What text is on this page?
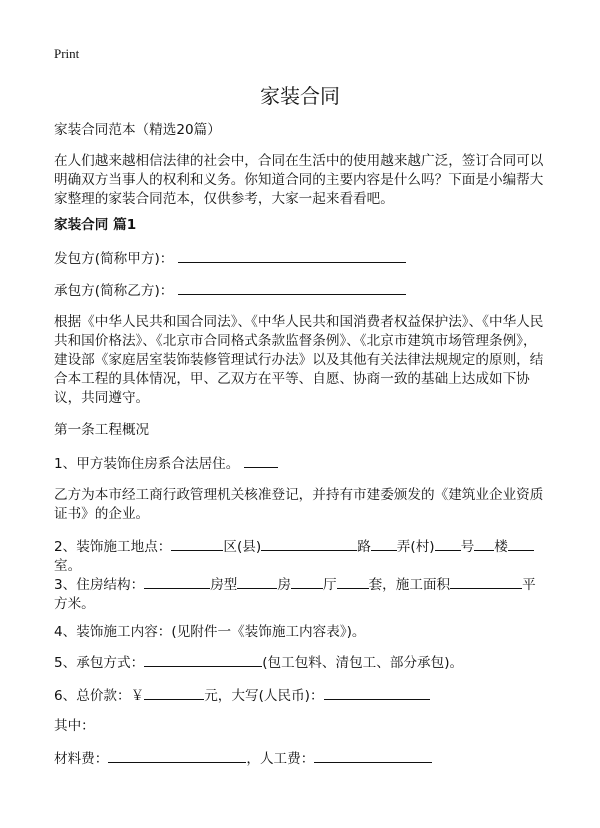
Print
家装合同

家装合同范本（精选20篇）

在人们越来越相信法律的社会中，合同在生活中的使用越来越广泛，签订合同可以明确双方当事人的权利和义务。你知道合同的主要内容是什么吗？下面是小编帮大家整理的家装合同范本，仅供参考，大家一起来看看吧。

家装合同 篇1

发包方(简称甲方)：

承包方(简称乙方)：

根据《中华人民共和国合同法》、《中华人民共和国消费者权益保护法》、《中华人民共和国价格法》、《北京市合同格式条款监督条例》、《北京市建筑市场管理条例》，建设部《家庭居室装饰装修管理试行办法》以及其他有关法律法规规定的原则，结合本工程的具体情况，甲、乙双方在平等、自愿、协商一致的基础上达成如下协议，共同遵守。

第一条工程概况

1、甲方装饰住房系合法居住。

乙方为本市经工商行政管理机关核准登记，并持有市建委颁发的《建筑业企业资质证书》的企业。

2、装饰施工地点：	区(县)	路 弄(村) 号 楼
室。

3、住房结构：	房型	房 厅 套，施工面积	平方米。

4、装饰施工内容：(见附件一《装饰施工内容表》)。

5、承包方式：	(包工包料、清包工、部分承包)。

6、总价款：￥	元，大写(人民币)：

其中：

材料费：	，人工费：
